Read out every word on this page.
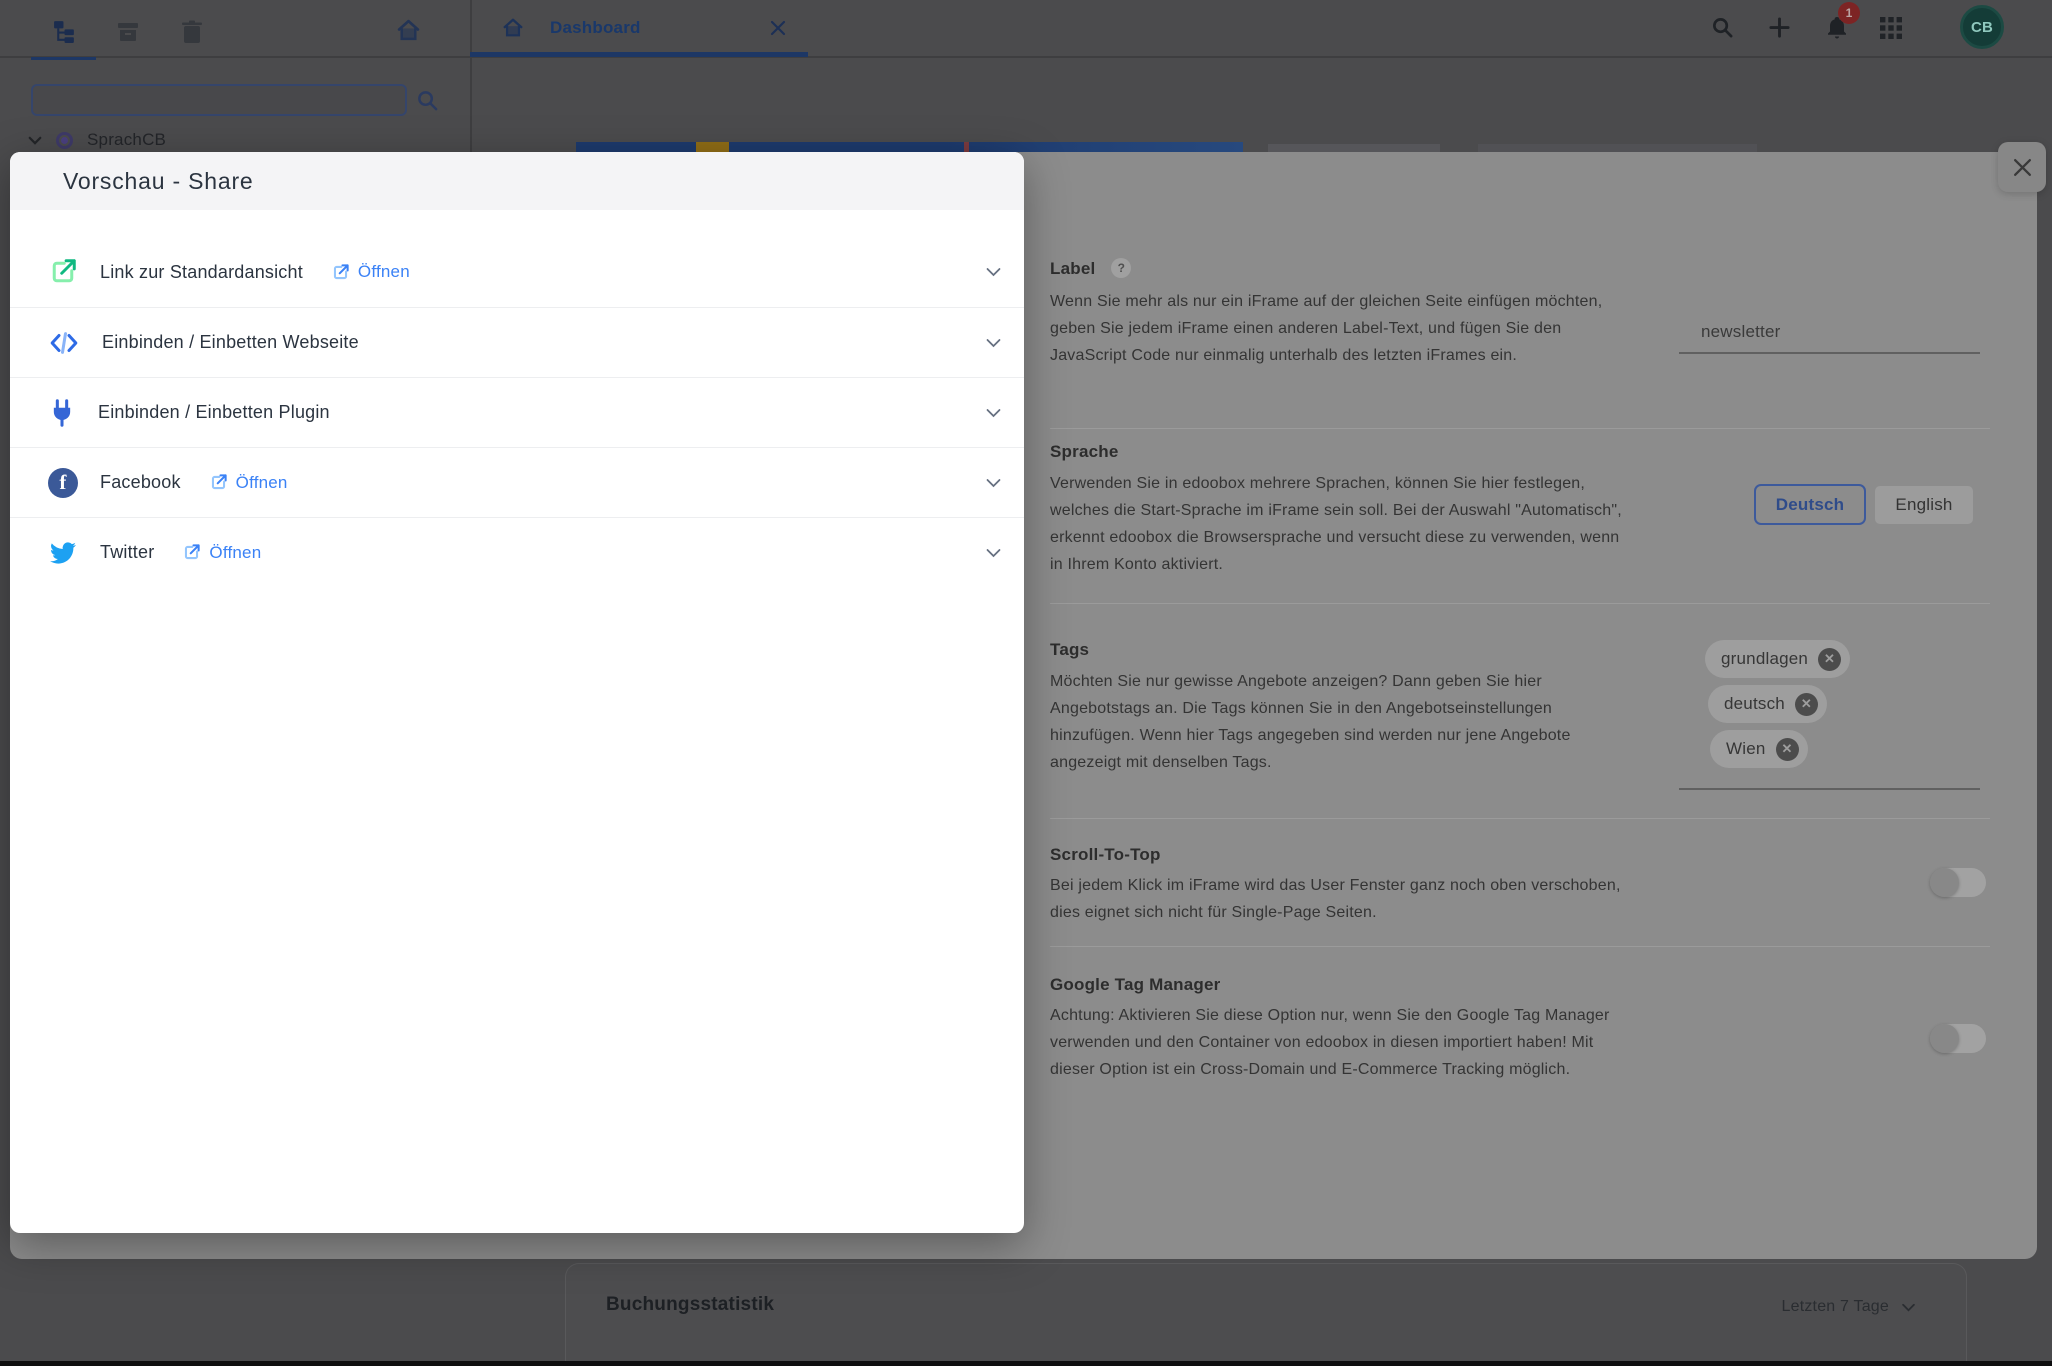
SprachCB
Dashboard
1
CB
Buchungsstatistik	Letzten 7 Tage
Label ?
Wenn Sie mehr als nur ein iFrame auf der gleichen Seite einfügen möchten, geben Sie jedem iFrame einen anderen Label-Text, und fügen Sie den JavaScript Code nur einmalig unterhalb des letzten iFrames ein.
newsletter
Sprache
Verwenden Sie in edoobox mehrere Sprachen, können Sie hier festlegen, welches die Start-Sprache im iFrame sein soll. Bei der Auswahl "Automatisch", erkennt edoobox die Browsersprache und versucht diese zu verwenden, wenn in Ihrem Konto aktiviert.
Deutsch	English
Tags
Möchten Sie nur gewisse Angebote anzeigen? Dann geben Sie hier Angebotstags an. Die Tags können Sie in den Angebotseinstellungen hinzufügen. Wenn hier Tags angegeben sind werden nur jene Angebote angezeigt mit denselben Tags.
grundlagen	✕
deutsch	✕
Wien	✕
Scroll-To-Top
Bei jedem Klick im iFrame wird das User Fenster ganz noch oben verschoben, dies eignet sich nicht für Single-Page Seiten.
Google Tag Manager
Achtung: Aktivieren Sie diese Option nur, wenn Sie den Google Tag Manager verwenden und den Container von edoobox in diesen importiert haben! Mit dieser Option ist ein Cross-Domain und E-Commerce Tracking möglich.
Vorschau - Share
Link zur Standardansicht	Öffnen
Einbinden / Einbetten Webseite
Einbinden / Einbetten Plugin
f	Facebook	Öffnen
Twitter	Öffnen
